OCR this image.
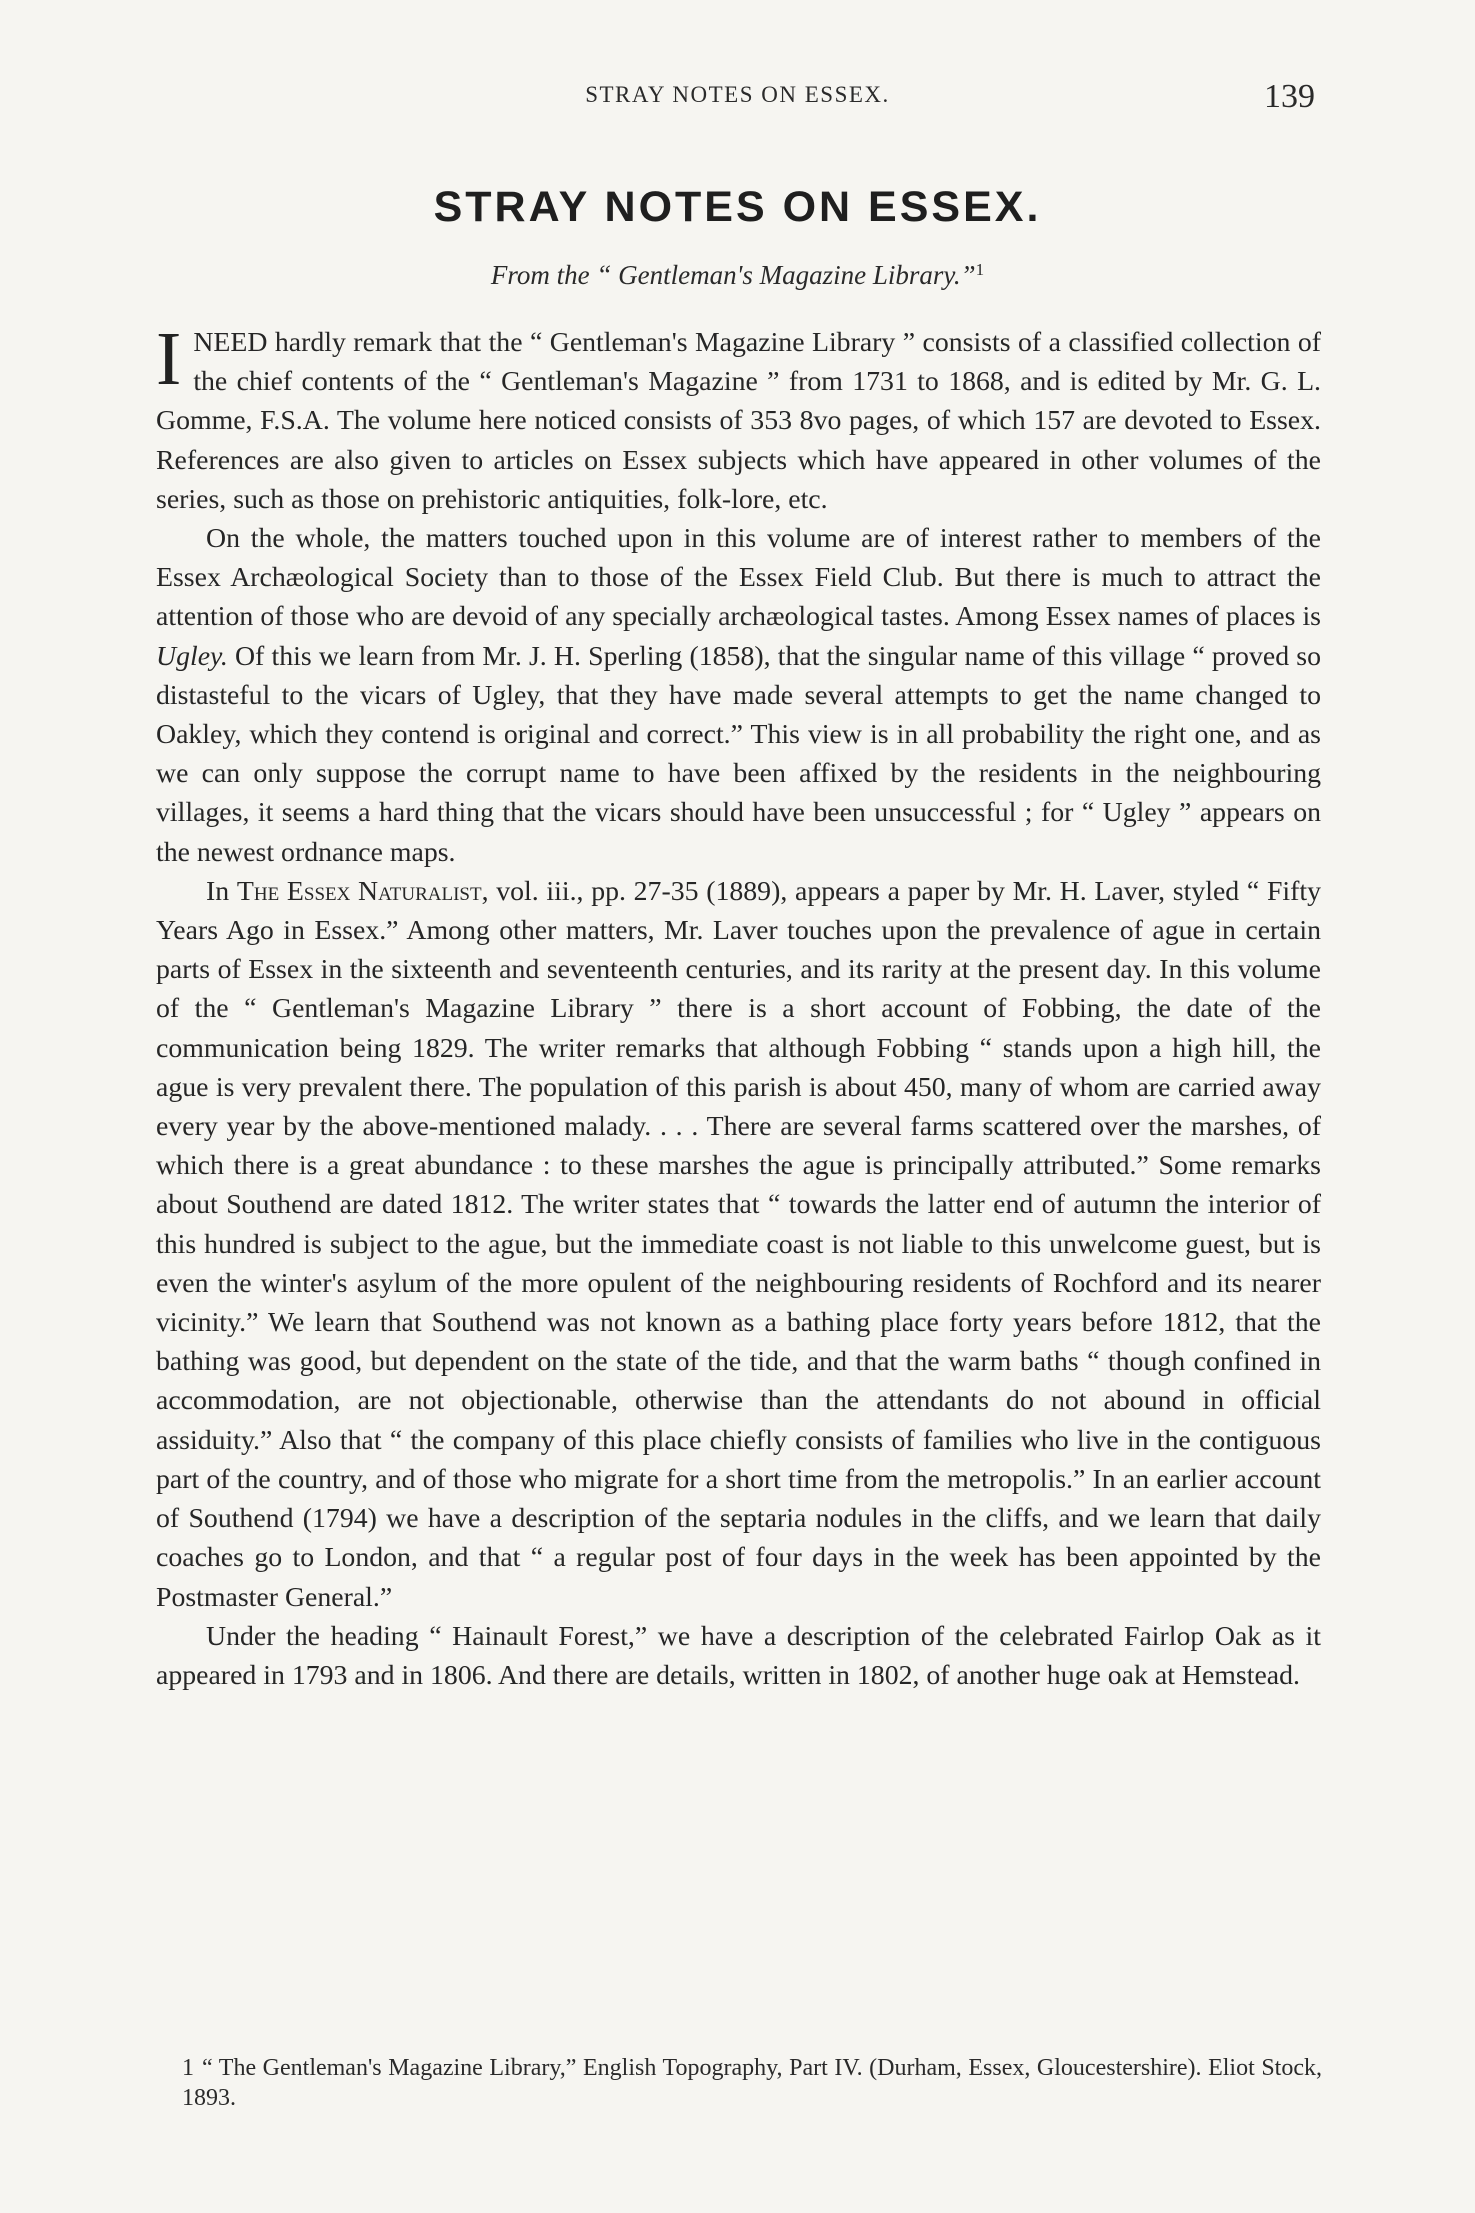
STRAY NOTES ON ESSEX.	139
STRAY NOTES ON ESSEX.
From the “ Gentleman's Magazine Library.”$^1$

INEED hardly remark that the “ Gentleman's Magazine Library ” consists of a classified collection of the chief contents of the “ Gentleman's Magazine ” from 1731 to 1868, and is edited by Mr. G. L. Gomme, F.S.A. The volume here noticed consists of 353 8vo pages, of which 157 are devoted to Essex. References are also given to articles on Essex subjects which have appeared in other volumes of the series, such as those on prehistoric antiquities, folk-lore, etc.

On the whole, the matters touched upon in this volume are of interest rather to members of the Essex Archæological Society than to those of the Essex Field Club. But there is much to attract the attention of those who are devoid of any specially archæological tastes. Among Essex names of places is Ugley. Of this we learn from Mr. J. H. Sperling (1858), that the singular name of this village “ proved so distasteful to the vicars of Ugley, that they have made several attempts to get the name changed to Oakley, which they contend is original and correct.” This view is in all probability the right one, and as we can only suppose the corrupt name to have been affixed by the residents in the neighbouring villages, it seems a hard thing that the vicars should have been unsuccessful ; for “ Ugley ” appears on the newest ordnance maps.

In The Essex Naturalist, vol. iii., pp. 27-35 (1889), appears a paper by Mr. H. Laver, styled “ Fifty Years Ago in Essex.” Among other matters, Mr. Laver touches upon the prevalence of ague in certain parts of Essex in the sixteenth and seventeenth centuries, and its rarity at the present day. In this volume of the “ Gentleman's Magazine Library ” there is a short account of Fobbing, the date of the communication being 1829. The writer remarks that although Fobbing “ stands upon a high hill, the ague is very prevalent there. The population of this parish is about 450, many of whom are carried away every year by the above-mentioned malady. . . . There are several farms scattered over the marshes, of which there is a great abundance : to these marshes the ague is principally attributed.” Some remarks about Southend are dated 1812. The writer states that “ towards the latter end of autumn the interior of this hundred is subject to the ague, but the immediate coast is not liable to this unwelcome guest, but is even the winter's asylum of the more opulent of the neighbouring residents of Rochford and its nearer vicinity.” We learn that Southend was not known as a bathing place forty years before 1812, that the bathing was good, but dependent on the state of the tide, and that the warm baths “ though confined in accommodation, are not objectionable, otherwise than the attendants do not abound in official assiduity.” Also that “ the company of this place chiefly consists of families who live in the contiguous part of the country, and of those who migrate for a short time from the metropolis.” In an earlier account of Southend (1794) we have a description of the septaria nodules in the cliffs, and we learn that daily coaches go to London, and that “ a regular post of four days in the week has been appointed by the Postmaster General.”

Under the heading “ Hainault Forest,” we have a description of the celebrated Fairlop Oak as it appeared in 1793 and in 1806. And there are details, written in 1802, of another huge oak at Hemstead.

1 “ The Gentleman's Magazine Library,” English Topography, Part IV. (Durham, Essex, Gloucestershire). Eliot Stock, 1893.
